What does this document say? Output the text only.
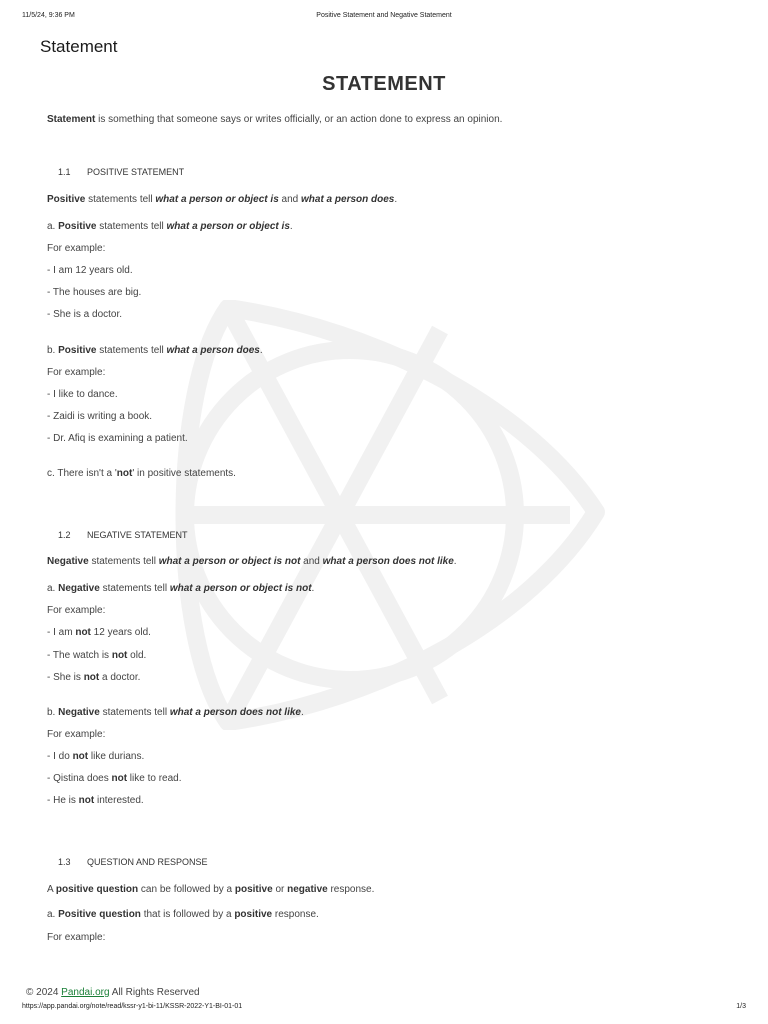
11/5/24, 9:36 PM	Positive Statement and Negative Statement
Statement
STATEMENT
Statement is something that someone says or writes officially, or an action done to express an opinion.
1.1 POSITIVE STATEMENT
Positive statements tell what a person or object is and what a person does.
a. Positive statements tell what a person or object is.
For example:
- I am 12 years old.
- The houses are big.
- She is a doctor.
b. Positive statements tell what a person does.
For example:
- I like to dance.
- Zaidi is writing a book.
- Dr. Afiq is examining a patient.
c. There isn't a 'not' in positive statements.
1.2 NEGATIVE STATEMENT
Negative statements tell what a person or object is not and what a person does not like.
a. Negative statements tell what a person or object is not.
For example:
- I am not 12 years old.
- The watch is not old.
- She is not a doctor.
b. Negative statements tell what a person does not like.
For example:
- I do not like durians.
- Qistina does not like to read.
- He is not interested.
1.3 QUESTION AND RESPONSE
A positive question can be followed by a positive or negative response.
a. Positive question that is followed by a positive response.
For example:
© 2024 Pandai.org All Rights Reserved
https://app.pandai.org/note/read/kssr-y1-bi-11/KSSR-2022-Y1-BI-01-01	1/3
